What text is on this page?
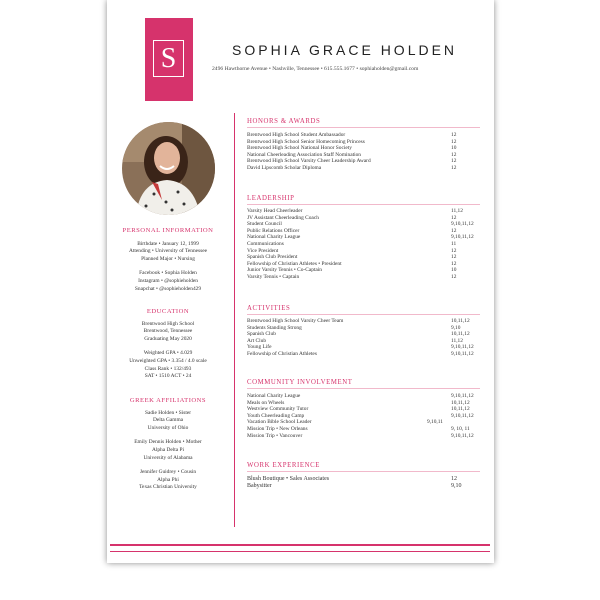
S	SOPHIA GRACE HOLDEN
2496 Hawthorne Avenue • Nashville, Tennessee • 615.555.1677 • sophiaholden@gmail.com
PERSONAL INFORMATION
Birthdate • January 12, 1999
Attending • University of Tennessee
Planned Major • Nursing
Facebook • Sophia Holden
Instagram • @sophieholden
Snapchat • @sophieholden429
EDUCATION
Brentwood High School
Brentwood, Tennessee
Graduating May 2020
Weighted GPA • 4.029
Unweighted GPA • 3.354 / 4.0 scale
Class Rank • 132/493
SAT • 1510 ACT • 24
GREEK AFFILIATIONS
Sadie Holden • Sister
Delta Gamma
University of Ohio
Emily Dennis Holden • Mother
Alpha Delta Pi
University of Alabama
Jennifer Guidrey • Cousin
Alpha Phi
Texas Christian University
HONORS & AWARDS
Brentwood High School Student Ambassador	12
Brentwood High School Senior Homecoming Princess	12
Brentwood High School National Honor Society	10
National Cheerleading Association Staff Nomination	12
Brentwood High School Varsity Cheer Leadership Award	12
David Lipscomb Scholar Diploma	12
LEADERSHIP
Varsity Head Cheerleader	11,12
JV Assistant Cheerleading Coach	12
Student Council	9,10,11,12
Public Relations Officer	12
National Charity League	9,10,11,12
Communications	11
Vice President	12
Spanish Club President	12
Fellowship of Christian Athletes • President	12
Junior Varsity Tennis • Co-Captain	10
Varsity Tennis • Captain	12
ACTIVITIES
Brentwood High School Varsity Cheer Team	10,11,12
Students Standing Strong	9,10
Spanish Club	10,11,12
Art Club	11,12
Young Life	9,10,11,12
Fellowship of Christian Athletes	9,10,11,12
COMMUNITY INVOLVEMENT
National Charity League	9,10,11,12
Meals on Wheels	10,11,12
Westview Community Tutor	10,11,12
Youth Cheerleading Camp	9,10,11,12
Vacation Bible School Leader	9,10,11
Mission Trip • New Orleans	9, 10, 11
Mission Trip • Vancouver	9,10,11,12
WORK EXPERIENCE
Blush Boutique • Sales Associates	12
Babysitter	9,10
